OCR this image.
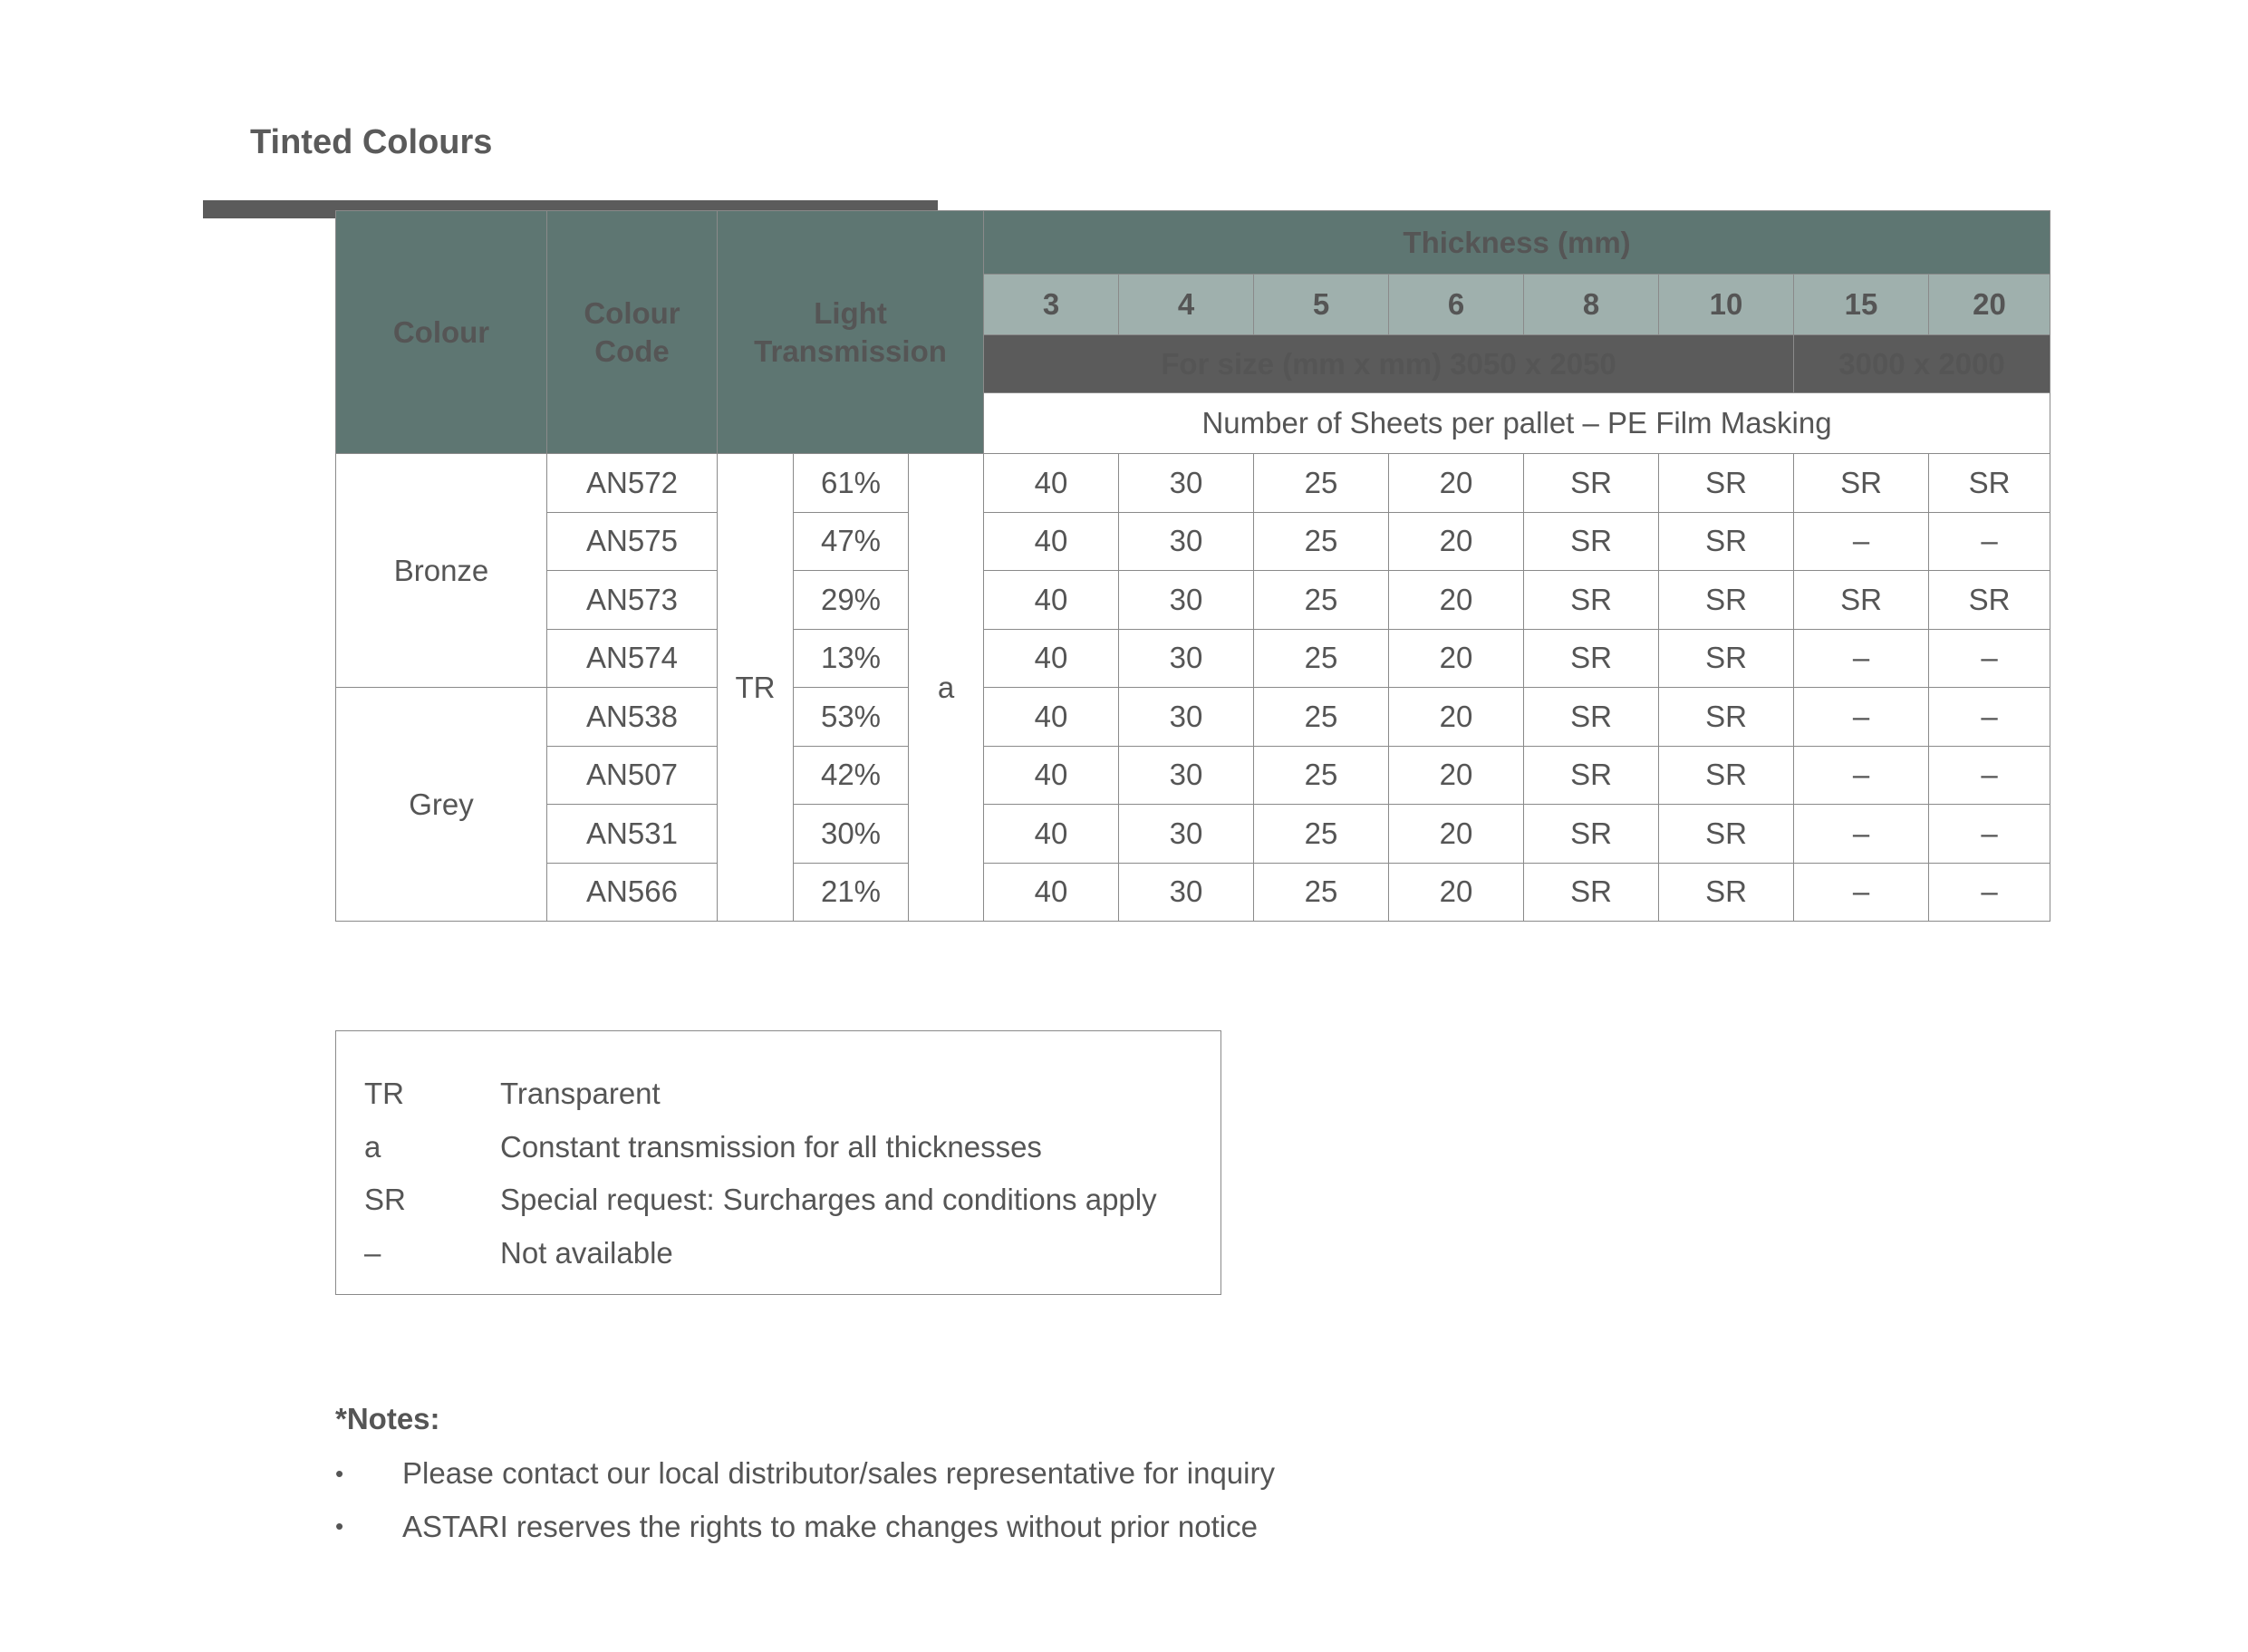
Tinted Colours
Colour	Colour Code	Light Transmission			Thickness (mm)							
					3	4	5	6	8	10	15	20
					For size (mm x mm) 3050 x 2050						3000 x 2000	
					Number of Sheets per pallet – PE Film Masking							
Bronze	AN572	TR	61%	a	40	30	25	20	SR	SR	SR	SR
	AN575		47%		40	30	25	20	SR	SR	–	–
	AN573		29%		40	30	25	20	SR	SR	SR	SR
	AN574		13%		40	30	25	20	SR	SR	–	–
Grey	AN538		53%		40	30	25	20	SR	SR	–	–
	AN507		42%		40	30	25	20	SR	SR	–	–
	AN531		30%		40	30	25	20	SR	SR	–	–
	AN566		21%		40	30	25	20	SR	SR	–	–
TR	Transparent
a	Constant transmission for all thicknesses
SR	Special request: Surcharges and conditions apply
–	Not available
*Notes:
•	Please contact our local distributor/sales representative for inquiry
•	ASTARI reserves the rights to make changes without prior notice
